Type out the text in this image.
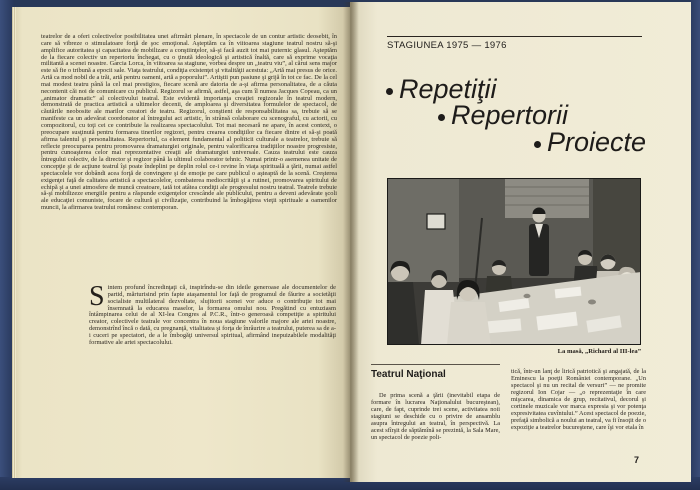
teatrelor de a oferi colectivelor posibilitatea unei afirmări plenare, în spectacole de un contur artistic deosebit, în care să vibreze o stimulatoare forţă de şoc emoţional. Aşteptăm ca în viitoarea stagiune teatrul nostru să-şi amplifice autoritatea şi capacitatea de mobilizare a conştiinţelor, să-şi facă auzit tot mai puternic glasul. Aşteptăm de la fiecare colectiv un repertoriu închegat, cu o ţinută ideologică şi artistică înaltă, care să exprime vocaţia militantă a scenei noastre. Garcia Lorca, în viitoarea sa stagiune, vorbea despre un „teatru viu”, al cărui sens major este să fie o tribună a epocii sale. Viaţa teatrului, condiţia existenţei şi vitalităţii acestuia: „Artă mai presus de orice. Artă ca mod nobil de a trăi, artă pentru oameni, artă a poporului”. Artiştii pun pasiune şi grijă în tot ce fac. De la cel mai modest teatru până la cel mai prestigios, fiecare scenă are datoria de a-şi afirma personalitatea, de a căuta necontenit căi noi de comunicare cu publicul. Regizorul se afirmă, astfel, aşa cum îl numea Jacques Copeau, ca un „animator dramatic” al colectivului teatral. Este evidentă importanţa creaţiei regizorale în teatrul modern, demonstrată de practica artistică a ultimelor decenii, de amploarea şi diversitatea formulelor de spectacol, de căutările neobosite ale marilor creatori de teatru. Regizorul, conştient de responsabilitatea sa, trebuie să se manifeste ca un adevărat coordonator al întregului act artistic, în strânsă colaborare cu scenograful, cu actorii, cu compozitorul, cu toţi cei ce contribuie la realizarea spectacolului. Tot mai necesară ne apare, în acest context, o preocupare susţinută pentru formarea tinerilor regizori, pentru crearea condiţiilor ca fiecare dintre ei să-şi poată afirma talentul şi personalitatea. Repertoriul, ca element fundamental al politicii culturale a teatrelor, trebuie să reflecte preocuparea pentru promovarea dramaturgiei originale, pentru valorificarea tradiţiilor noastre progresiste, pentru cunoaşterea celor mai reprezentative creaţii ale dramaturgiei universale. Cauza teatrului este cauza întregului colectiv, de la director şi regizor până la ultimul colaborator tehnic. Numai printr-o asemenea unitate de concepţie şi de acţiune teatrul îşi poate îndeplini pe deplin rolul ce-i revine în viaţa spirituală a ţării, numai astfel spectacolele vor dobândi acea forţă de convingere şi de emoţie pe care publicul o aşteaptă de la scenă. Creşterea exigenţei faţă de calitatea artistică a spectacolelor, combaterea mediocrităţii şi a rutinei, promovarea spiritului de echipă şi a unei atmosfere de muncă creatoare, iată tot atâtea condiţii ale progresului nostru teatral. Teatrele trebuie să-şi mobilizeze energiile pentru a răspunde exigenţelor crescânde ale publicului, pentru a deveni adevărate şcoli ale educaţiei comuniste, focare de cultură şi civilizaţie, contribuind la îmbogăţirea vieţii spirituale a oamenilor muncii, la afirmarea teatrului românesc contemporan.

Sintem profund încredinţaţi că, inspirîndu-se din ideile generoase ale documentelor de partid, mărturisind prin fapte ataşamentul lor faţă de programul de făurire a societăţii socialiste multilateral dezvoltate, slujitorii scenei vor aduce o contribuţie tot mai însemnată la educarea maselor, la formarea omului nou. Pregătind cu entuziasm întâmpinarea celui de al XI-lea Congres al P.C.R., într-o generoasă competiţie a spiritului creator, colectivele teatrale vor concentra în noua stagiune valorile majore ale artei noastre, demonstrînd încă o dată, cu pregnanţă, vitalitatea şi forţa de înrâurire a teatrului, puterea sa de a-i cuceri pe spectatori, de a le îmbogăţi universul spiritual, afirmând inepuizabilele modalităţi formative ale artei spectacolului.

STAGIUNEA 1975 — 1976
Repetiţii
Repertorii
Proiecte
La masă, „Richard al III-lea”
Teatrul Naţional

De prima scenă a ţării (inevitabil etapa de formare în lucrarea Naţionalului bucureştean), care, de fapt, cuprinde trei scene, activitatea noii stagiuni se deschide cu o privire de ansamblu asupra întregului an teatral, în perspectivă. La acest sfîrşit de săptămînă se prezintă, la Sala Mare, un spectacol de poezie poli-

tică, într-un lanţ de lirică patriotică şi angajată, de la Eminescu la poeţii României contemporane. „Un spectacol şi nu un recital de versuri” — ne promite regizorul Ion Cojar — „o reprezentaţie în care mişcarea, dinamica de grup, recitativul, decorul şi cortinele muzicale vor marca expresia şi vor potenţa expresivitatea cuvîntului.” Acest spectacol de poezie, prefaţă simbolică a noului an teatral, va fi însoţit de o expoziţie a teatrelor bucureştene, care îşi vor etala în

7
